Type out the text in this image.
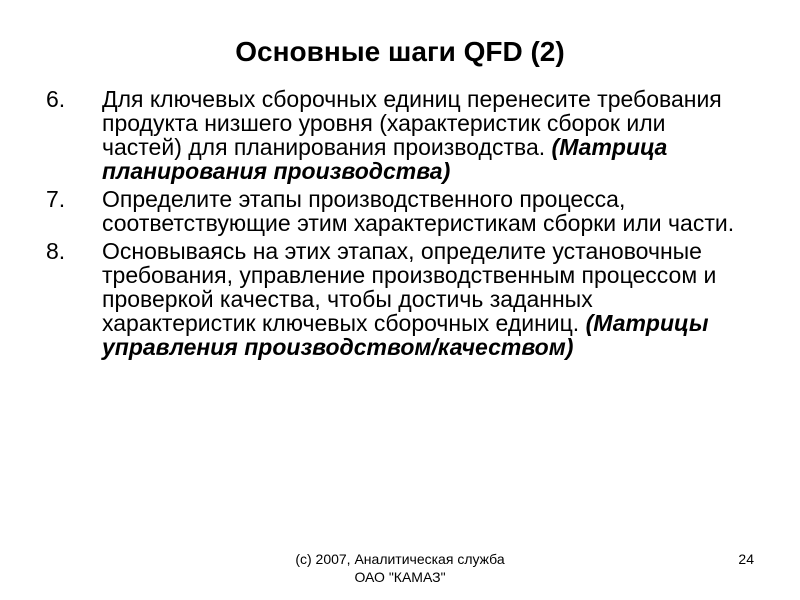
Основные шаги QFD (2)
6. Для ключевых сборочных единиц перенесите требования продукта низшего уровня (характеристик сборок или частей) для планирования производства. (Матрица планирования производства)
7. Определите этапы производственного процесса, соответствующие этим характеристикам сборки или части.
8. Основываясь на этих этапах, определите установочные требования, управление производственным процессом и проверкой качества, чтобы достичь заданных характеристик ключевых сборочных единиц. (Матрицы управления производством/качеством)
(с) 2007, Аналитическая служба
ОАО "КАМАЗ"
24
